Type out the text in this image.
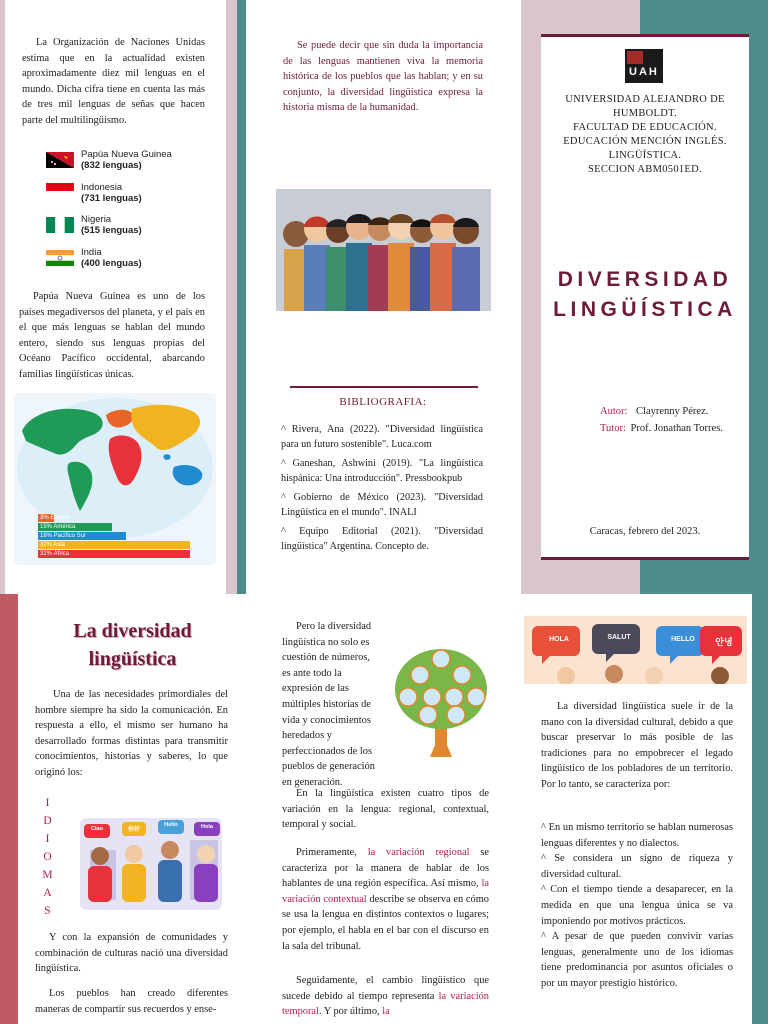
La Organización de Naciones Unidas estima que en la actualidad existen aproximadamente diez mil lenguas en el mundo. Dicha cifra tiene en cuenta las más de tres mil lenguas de señas que hacen parte del multilingüismo.

Papúa Nueva Guinea
(832 lenguas)
Indonesia
(731 lenguas)
Nigeria
(515 lenguas)
India
(400 lenguas)

Papúa Nueva Guinea es uno de los países megadiversos del planeta, y el país en el que más lenguas se hablan del mundo entero, siendo sus lenguas propias del Océano Pacífico occidental, abarcando familias lingüísticas únicas.

3% Europa
15% América
18% Pacífico Sur
32% Asia
32% África

Se puede decir que sin duda la importancia de las lenguas mantienen viva la memoria histórica de los pueblos que las hablan; y en su conjunto, la diversidad lingüística expresa la historia misma de la humanidad.

BIBLIOGRAFIA:

^ Rivera, Ana (2022). "Diversidad lingüística para un futuro sostenible". Luca.com

^ Ganeshan, Ashwini (2019). "La lingüística hispánica: Una introducción". Pressbookpub

^ Gobierno de México (2023). "Diversidad Lingüística en el mundo". INALI

^ Equipo Editorial (2021). "Diversidad lingüística" Argentina. Concepto de.

UAH
UNIVERSIDAD ALEJANDRO DE HUMBOLDT.
FACULTAD DE EDUCACIÓN.
EDUCACIÓN MENCIÓN INGLÉS.
LINGÜÍSTICA.
SECCION ABM0501ED.
DIVERSIDAD
LINGÜÍSTICA
Autor: Clayrenny Pérez.
Tutor: Prof. Jonathan Torres.
Caracas, febrero del 2023.
La diversidad
lingüística

Una de las necesidades primordiales del hombre siempre ha sido la comunicación. En respuesta a ello, el mismo ser humano ha desarrollado formas distintas para transmitir conocimientos, historias y saberes, lo que originó los:

I
D
I
O
M
A
S
Ciao	你好
Hello	Hola

Y con la expansión de comunidades y combinación de culturas nació una diversidad lingüística.

Los pueblos han creado diferentes maneras de compartir sus recuerdos y ense-

Pero la diversidad lingüística no solo es cuestión de números, es ante todo la expresión de las múltiples historias de vida y conocimientos heredados y perfeccionados de los pueblos de generación en generación.

En la lingüística existen cuatro tipos de variación en la lengua: regional, contextual, temporal y social.

Primeramente, la variación regional se caracteriza por la manera de hablar de los hablantes de una región específica. Así mismo, la variación contextual describe se observa en cómo se usa la lengua en distintos contextos o lugares; por ejemplo, el habla en el bar con el discurso en la sala del tribunal.

Seguidamente, el cambio lingüístico que sucede debido al tiempo representa la variación temporal. Y por último, la

HOLA	SALUT	HELLO	안녕

La diversidad lingüística suele ir de la mano con la diversidad cultural, debido a que buscar preservar lo más posible de las tradiciones para no empobrecer el legado lingüístico de los pobladores de un territorio. Por lo tanto, se caracteriza por:

^ En un mismo territorio se hablan numerosas lenguas diferentes y no dialectos.

^ Se considera un signo de riqueza y diversidad cultural.

^ Con el tiempo tiende a desaparecer, en la medida en que una lengua única se va imponiendo por motivos prácticos.

^ A pesar de que pueden convivir varias lenguas, generalmente uno de los idiomas tiene predominancia por asuntos oficiales o por un mayor prestigio histórico.
